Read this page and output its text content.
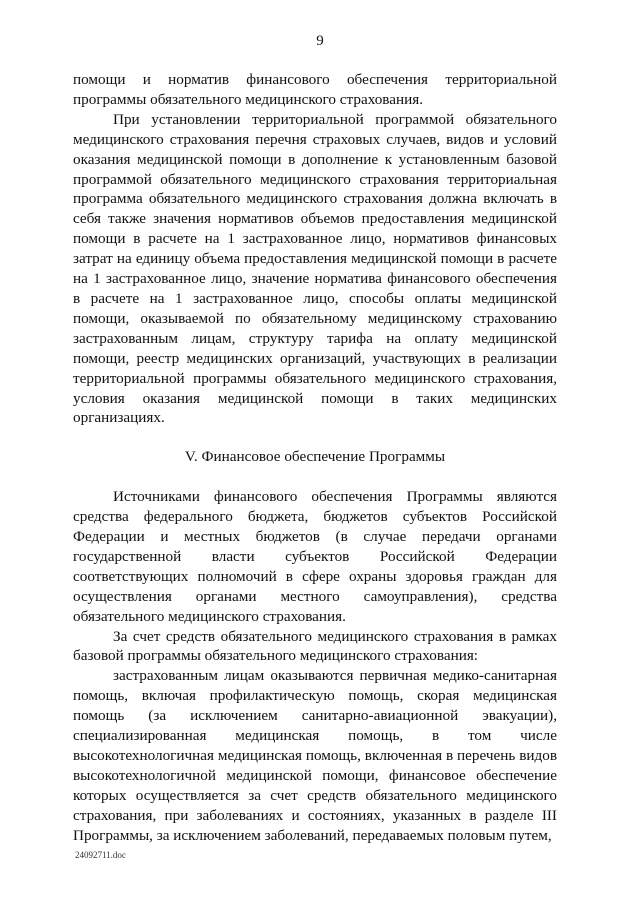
9

помощи и норматив финансового обеспечения территориальной программы обязательного медицинского страхования.

При установлении территориальной программой обязательного медицинского страхования перечня страховых случаев, видов и условий оказания медицинской помощи в дополнение к установленным базовой программой обязательного медицинского страхования территориальная программа обязательного медицинского страхования должна включать в себя также значения нормативов объемов предоставления медицинской помощи в расчете на 1 застрахованное лицо, нормативов финансовых затрат на единицу объема предоставления медицинской помощи в расчете на 1 застрахованное лицо, значение норматива финансового обеспечения в расчете на 1 застрахованное лицо, способы оплаты медицинской помощи, оказываемой по обязательному медицинскому страхованию застрахованным лицам, структуру тарифа на оплату медицинской помощи, реестр медицинских организаций, участвующих в реализации территориальной программы обязательного медицинского страхования, условия оказания медицинской помощи в таких медицинских организациях.

V. Финансовое обеспечение Программы

Источниками финансового обеспечения Программы являются средства федерального бюджета, бюджетов субъектов Российской Федерации и местных бюджетов (в случае передачи органами государственной власти субъектов Российской Федерации соответствующих полномочий в сфере охраны здоровья граждан для осуществления органами местного самоуправления), средства обязательного медицинского страхования.

За счет средств обязательного медицинского страхования в рамках базовой программы обязательного медицинского страхования:

застрахованным лицам оказываются первичная медико-санитарная помощь, включая профилактическую помощь, скорая медицинская помощь (за исключением санитарно-авиационной эвакуации), специализированная медицинская помощь, в том числе высокотехнологичная медицинская помощь, включенная в перечень видов высокотехнологичной медицинской помощи, финансовое обеспечение которых осуществляется за счет средств обязательного медицинского страхования, при заболеваниях и состояниях, указанных в разделе III Программы, за исключением заболеваний, передаваемых половым путем,

24092711.doc
